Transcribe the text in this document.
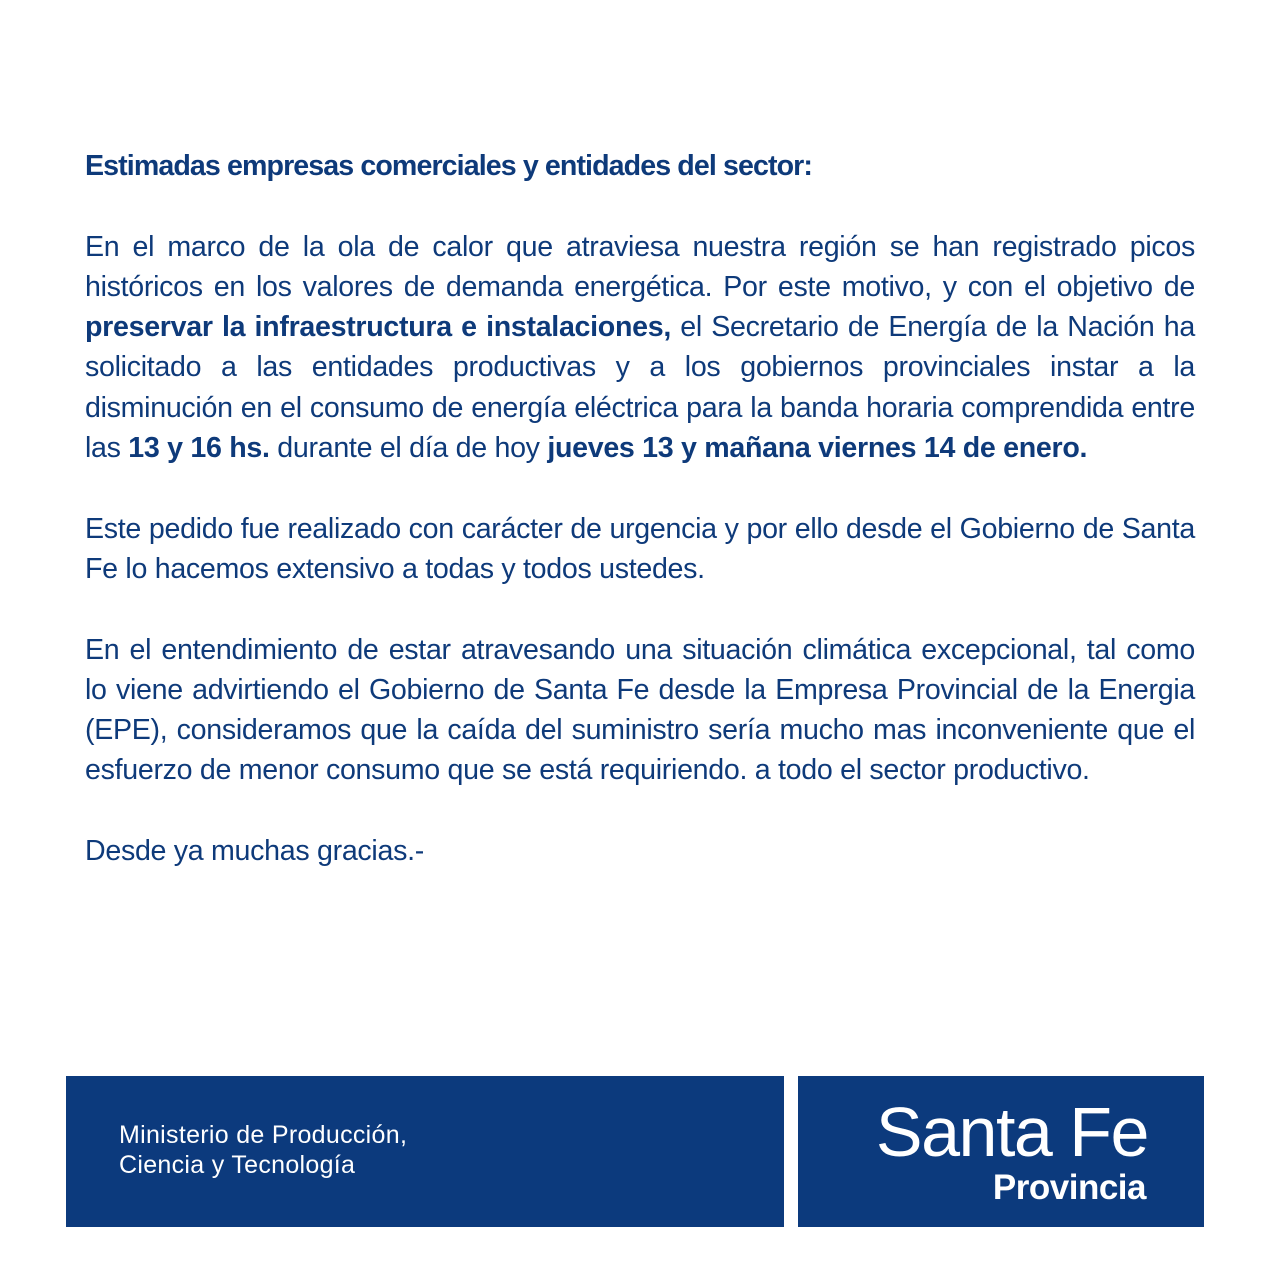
Estimadas empresas comerciales y entidades del sector:

En el marco de la ola de calor que atraviesa nuestra región se han registrado picos históricos en los valores de demanda energética. Por este motivo, y con el objetivo de preservar la infraestructura e instalaciones, el Secretario de Energía de la Nación ha solicitado a las entidades productivas y a los gobiernos provinciales instar a la disminución en el consumo de energía eléctrica para la banda horaria comprendida entre las 13 y 16 hs. durante el día de hoy jueves 13 y mañana viernes 14 de enero.

Este pedido fue realizado con carácter de urgencia y por ello desde el Gobierno de Santa Fe lo hacemos extensivo a todas y todos ustedes.

En el entendimiento de estar atravesando una situación climática excepcional, tal como lo viene advirtiendo el Gobierno de Santa Fe desde la Empresa Provincial de la Energia (EPE), consideramos que la caída del suministro sería mucho mas inconveniente que el esfuerzo de menor consumo que se está requiriendo. a todo el sector productivo.

Desde ya muchas gracias.-

Ministerio de Producción,
Ciencia y Tecnología	Santa Fe
Provincia
